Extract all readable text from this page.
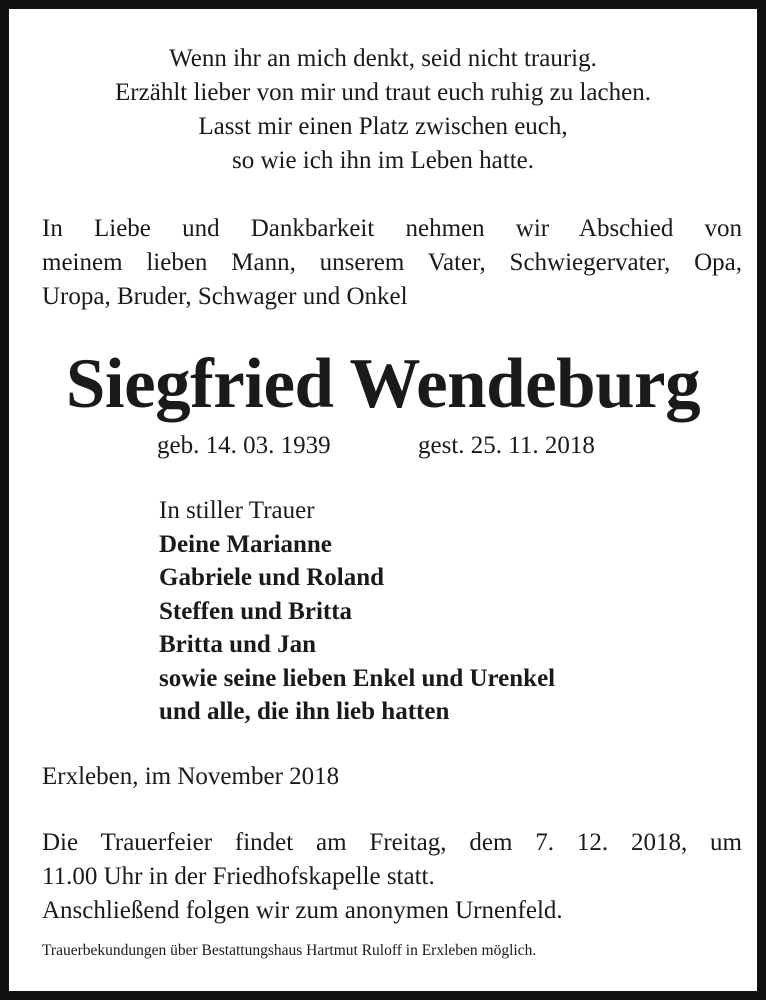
Wenn ihr an mich denkt, seid nicht traurig.
Erzählt lieber von mir und traut euch ruhig zu lachen.
Lasst mir einen Platz zwischen euch,
so wie ich ihn im Leben hatte.
In Liebe und Dankbarkeit nehmen wir Abschied von
meinem lieben Mann, unserem Vater, Schwiegervater, Opa,
Uropa, Bruder, Schwager und Onkel
Siegfried Wendeburg
geb. 14. 03. 1939	gest. 25. 11. 2018
In stiller Trauer
Deine Marianne
Gabriele und Roland
Steffen und Britta
Britta und Jan
sowie seine lieben Enkel und Urenkel
und alle, die ihn lieb hatten
Erxleben, im November 2018
Die Trauerfeier findet am Freitag, dem 7. 12. 2018, um
11.00 Uhr in der Friedhofskapelle statt.
Anschließend folgen wir zum anonymen Urnenfeld.
Trauerbekundungen über Bestattungshaus Hartmut Ruloff in Erxleben möglich.
